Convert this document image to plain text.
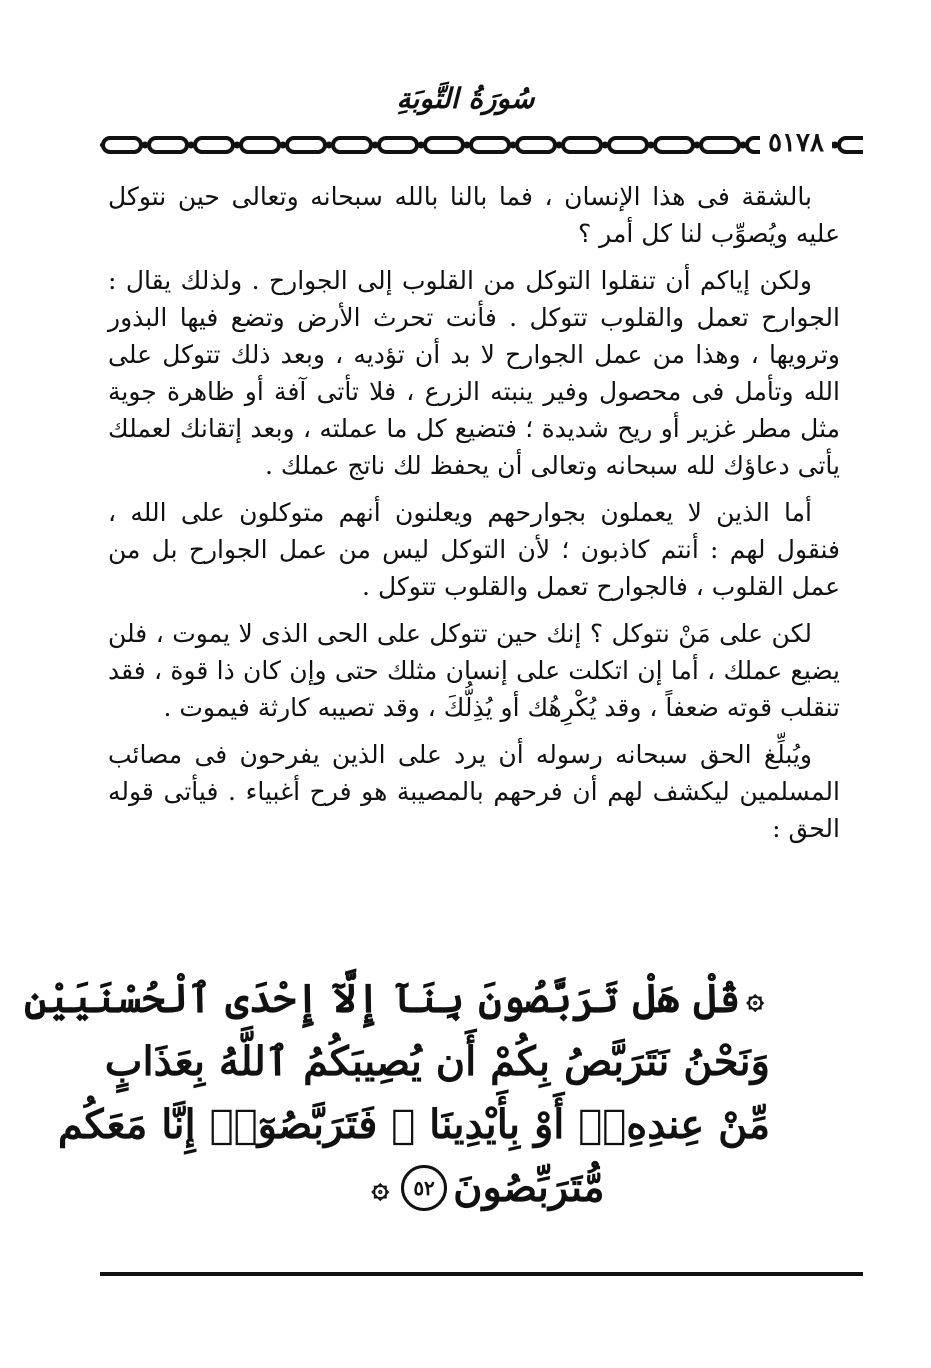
سُورَةُ التَّوبَةِ
٥١٧٨

بالشقة فى هذا الإنسان ، فما بالنا بالله سبحانه وتعالى حين نتوكل عليه ويُصوِّب لنا كل أمر ؟

ولكن إياكم أن تنقلوا التوكل من القلوب إلى الجوارح . ولذلك يقال : الجوارح تعمل والقلوب تتوكل . فأنت تحرث الأرض وتضع فيها البذور وترويها ، وهذا من عمل الجوارح لا بد أن تؤديه ، وبعد ذلك تتوكل على الله وتأمل فى محصول وفير ينبته الزرع ، فلا تأتى آفة أو ظاهرة جوية مثل مطر غزير أو ريح شديدة ؛ فتضيع كل ما عملته ، وبعد إتقانك لعملك يأتى دعاؤك لله سبحانه وتعالى أن يحفظ لك ناتج عملك .

أما الذين لا يعملون بجوارحهم ويعلنون أنهم متوكلون على الله ، فنقول لهم : أنتم كاذبون ؛ لأن التوكل ليس من عمل الجوارح بل من عمل القلوب ، فالجوارح تعمل والقلوب تتوكل .

لكن على مَنْ نتوكل ؟ إنك حين تتوكل على الحى الذى لا يموت ، فلن يضيع عملك ، أما إن اتكلت على إنسان مثلك حتى وإن كان ذا قوة ، فقد تنقلب قوته ضعفاً ، وقد يُكْرِهُك أو يُذِلُّكَ ، وقد تصيبه كارثة فيموت .

ويُبلِّغ الحق سبحانه رسوله أن يرد على الذين يفرحون فى مصائب المسلمين ليكشف لهم أن فرحهم بالمصيبة هو فرح أغبياء . فيأتى قوله الحق :

۞قُلْ هَلْ تَرَبَّصُونَ بِنَآ إِلَّآ إِحْدَى ٱلْحُسْنَيَيْنِ
وَنَحْنُ نَتَرَبَّصُ بِكُمْ أَن يُصِيبَكُمُ ٱللَّهُ بِعَذَابٍ
مِّنْ عِندِهِۦٓ أَوْ بِأَيْدِينَا ۖ فَتَرَبَّصُوٓا۟ إِنَّا مَعَكُم
مُّتَرَبِّصُونَ٥٢۞
